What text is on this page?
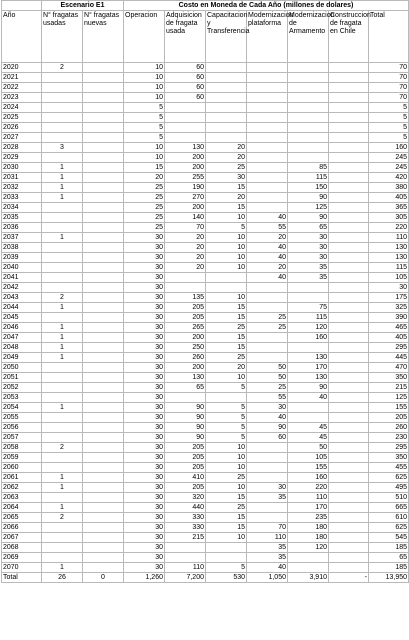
	Escenario E1		Costo en Moneda de Cada Año (millones de dolares)						
Año	N° fragatas usadas	N° fragatas nuevas	Operacion	Adquisicion de fragata usada	Capacitacion y Transferencia	Modernizacion plataforma	Modernizacion de Armamento	Construccion de fragata en Chile	Total
2020	2		10	60					70
2021			10	60					70
2022			10	60					70
2023			10	60					70
2024			5						5
2025			5						5
2026			5						5
2027			5						5
2028	3		10	130	20				160
2029			10	200	20				245
2030	1		15	200	25		85		245
2031	1		20	255	30		115		420
2032	1		25	190	15		150		380
2033	1		25	270	20		90		405
2034			25	200	15		125		365
2035			25	140	10	40	90		305
2036			25	70	5	55	65		220
2037	1		30	20	10	20	30		110
2038			30	20	10	40	30		130
2039			30	20	10	40	30		130
2040			30	20	10	20	35		115
2041			30			40	35		105
2042			30						30
2043	2		30	135	10				175
2044	1		30	205	15		75		325
2045			30	205	15	25	115		390
2046	1		30	265	25	25	120		465
2047	1		30	200	15		160		405
2048	1		30	250	15				295
2049	1		30	260	25		130		445
2050			30	200	20	50	170		470
2051			30	130	10	50	130		350
2052			30	65	5	25	90		215
2053			30			55	40		125
2054	1		30	90	5	30			155
2055			30	90	5	40			205
2056			30	90	5	90	45		260
2057			30	90	5	60	45		230
2058	2		30	205	10		50		295
2059			30	205	10		105		350
2060			30	205	10		155		455
2061	1		30	410	25		160		625
2062	1		30	205	10	30	220		495
2063			30	320	15	35	110		510
2064	1		30	440	25		170		665
2065	2		30	330	15		235		610
2066			30	330	15	70	180		625
2067			30	215	10	110	180		545
2068			30			35	120		185
2069			30			35			65
2070	1		30	110	5	40			185
Total	26	0	1,260	7,200	530	1,050	3,910	-	13,950
